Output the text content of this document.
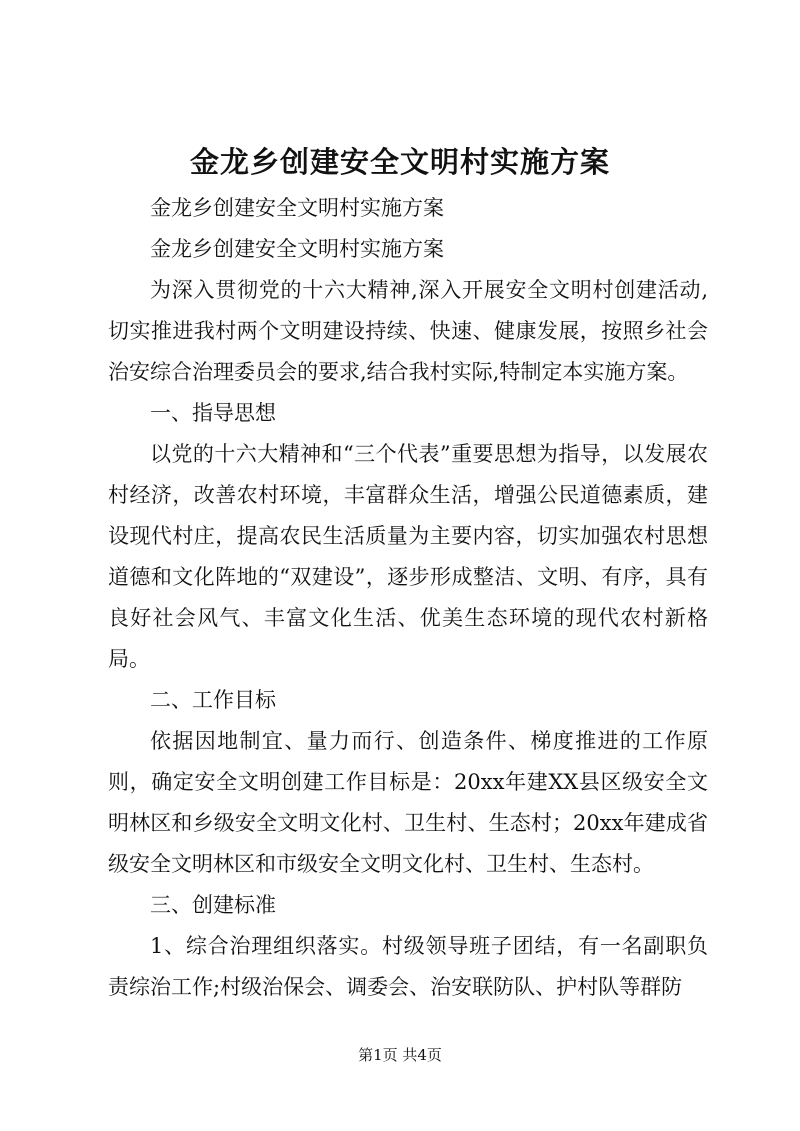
金龙乡创建安全文明村实施方案

金龙乡创建安全文明村实施方案

金龙乡创建安全文明村实施方案

为深入贯彻党的十六大精神,深入开展安全文明村创建活动,切实推进我村两个文明建设持续、快速、健康发展，按照乡社会治安综合治理委员会的要求,结合我村实际,特制定本实施方案。

一、指导思想

以党的十六大精神和“三个代表”重要思想为指导，以发展农村经济，改善农村环境，丰富群众生活，增强公民道德素质，建设现代村庄，提高农民生活质量为主要内容，切实加强农村思想道德和文化阵地的“双建设”，逐步形成整洁、文明、有序，具有良好社会风气、丰富文化生活、优美生态环境的现代农村新格局。

二、工作目标

依据因地制宜、量力而行、创造条件、梯度推进的工作原则，确定安全文明创建工作目标是：20xx年建XX县区级安全文明林区和乡级安全文明文化村、卫生村、生态村；20xx年建成省级安全文明林区和市级安全文明文化村、卫生村、生态村。

三、创建标准

1、综合治理组织落实。村级领导班子团结，有一名副职负责综治工作;村级治保会、调委会、治安联防队、护村队等群防

第1页 共4页
